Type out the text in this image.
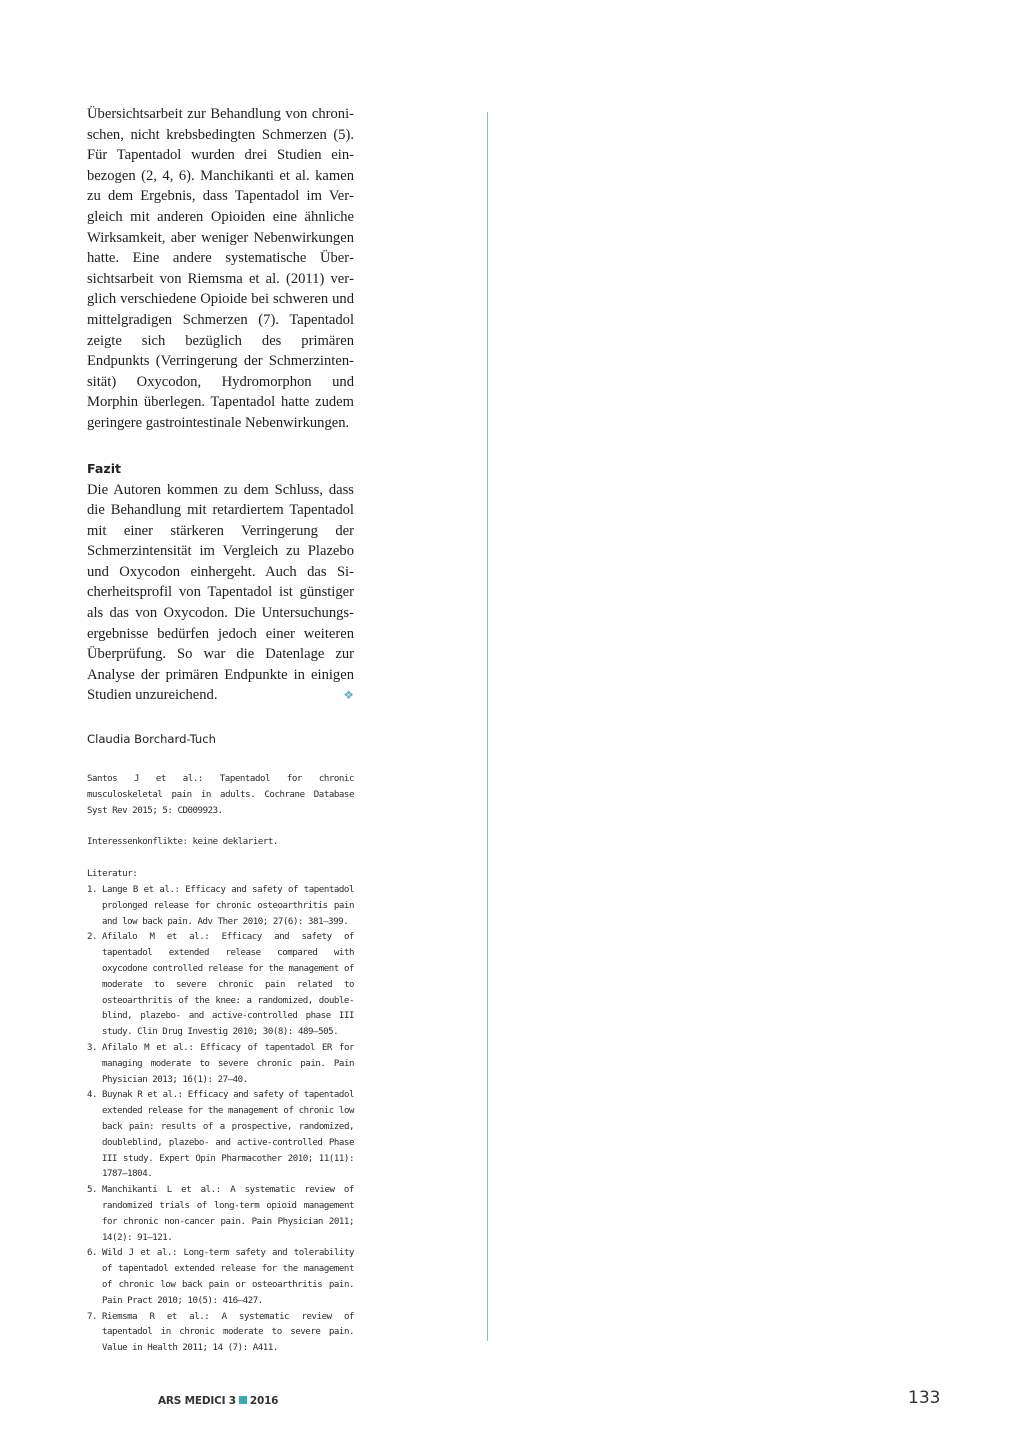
Übersichtsarbeit zur Behandlung von chronischen, nicht krebsbedingten Schmerzen (5). Für Tapentadol wurden drei Studien einbezogen (2, 4, 6). Manchikanti et al. kamen zu dem Ergebnis, dass Tapentadol im Vergleich mit anderen Opioiden eine ähnliche Wirksamkeit, aber weniger Nebenwirkungen hatte. Eine andere systematische Übersichtsarbeit von Riemsma et al. (2011) verglich verschiedene Opioide bei schweren und mittelgradigen Schmerzen (7). Tapentadol zeigte sich bezüglich des primären Endpunkts (Verringerung der Schmerzintensität) Oxycodon, Hydromorphon und Morphin überlegen. Tapentadol hatte zudem geringere gastrointestinale Nebenwirkungen.

Fazit

Die Autoren kommen zu dem Schluss, dass die Behandlung mit retardiertem Tapentadol mit einer stärkeren Verringerung der Schmerzintensität im Vergleich zu Plazebo und Oxycodon einhergeht. Auch das Sicherheitsprofil von Tapentadol ist günstiger als das von Oxycodon. Die Untersuchungsergebnisse bedürfen jedoch einer weiteren Überprüfung. So war die Datenlage zur Analyse der primären Endpunkte in einigen Studien unzureichend.	❖

Claudia Borchard-Tuch

Santos J et al.: Tapentadol for chronic musculoskeletal pain in adults. Cochrane Database Syst Rev 2015; 5: CD009923.

Interessenkonflikte: keine deklariert.

Literatur:

1. Lange B et al.: Efficacy and safety of tapentadol prolonged release for chronic osteoarthritis pain and low back pain. Adv Ther 2010; 27(6): 381–399.
2. Afilalo M et al.: Efficacy and safety of tapentadol extended release compared with oxycodone controlled release for the management of moderate to severe chronic pain related to osteoarthritis of the knee: a randomized, double-blind, plazebo- and active-controlled phase III study. Clin Drug Investig 2010; 30(8): 489–505.
3. Afilalo M et al.: Efficacy of tapentadol ER for managing moderate to severe chronic pain. Pain Physician 2013; 16(1): 27–40.
4. Buynak R et al.: Efficacy and safety of tapentadol extended release for the management of chronic low back pain: results of a prospective, randomized, doubleblind, plazebo- and active-controlled Phase III study. Expert Opin Pharmacother 2010; 11(11): 1787–1804.
5. Manchikanti L et al.: A systematic review of randomized trials of long-term opioid management for chronic non-cancer pain. Pain Physician 2011; 14(2): 91–121.
6. Wild J et al.: Long-term safety and tolerability of tapentadol extended release for the management of chronic low back pain or osteoarthritis pain. Pain Pract 2010; 10(5): 416–427.
7. Riemsma R et al.: A systematic review of tapentadol in chronic moderate to severe pain. Value in Health 2011; 14 (7): A411.
ARS MEDICI 3 2016	133
